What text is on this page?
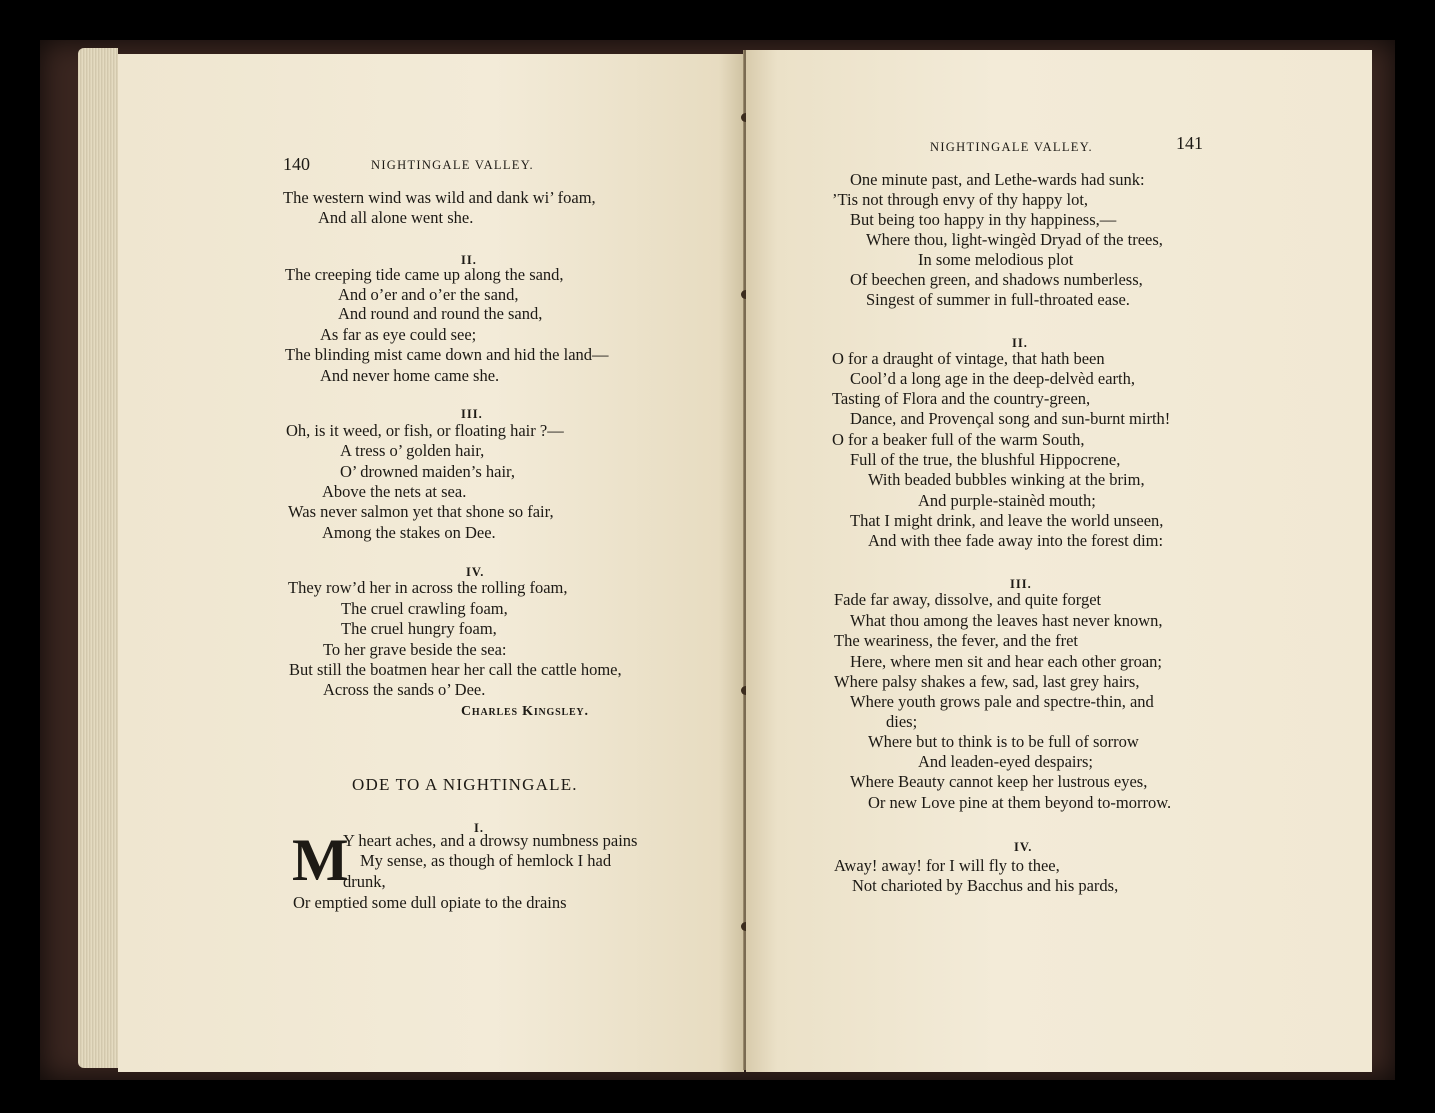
140	NIGHTINGALE VALLEY.
The western wind was wild and dank wi’ foam,
And all alone went she.
II.
The creeping tide came up along the sand,
And o’er and o’er the sand,
And round and round the sand,
As far as eye could see;
The blinding mist came down and hid the land—
And never home came she.
III.
Oh, is it weed, or fish, or floating hair ?—
A tress o’ golden hair,
O’ drowned maiden’s hair,
Above the nets at sea.
Was never salmon yet that shone so fair,
Among the stakes on Dee.
IV.
They row’d her in across the rolling foam,
The cruel crawling foam,
The cruel hungry foam,
To her grave beside the sea:
But still the boatmen hear her call the cattle home,
Across the sands o’ Dee.
Charles Kingsley.
ODE TO A NIGHTINGALE.
I.
M
Y heart aches, and a drowsy numbness pains
My sense, as though of hemlock I had
drunk,
Or emptied some dull opiate to the drains
NIGHTINGALE VALLEY.	141
One minute past, and Lethe-wards had sunk:
’Tis not through envy of thy happy lot,
But being too happy in thy happiness,—
Where thou, light-wingèd Dryad of the trees,
In some melodious plot
Of beechen green, and shadows numberless,
Singest of summer in full-throated ease.
II.
O for a draught of vintage, that hath been
Cool’d a long age in the deep-delvèd earth,
Tasting of Flora and the country-green,
Dance, and Provençal song and sun-burnt mirth!
O for a beaker full of the warm South,
Full of the true, the blushful Hippocrene,
With beaded bubbles winking at the brim,
And purple-stainèd mouth;
That I might drink, and leave the world unseen,
And with thee fade away into the forest dim:
III.
Fade far away, dissolve, and quite forget
What thou among the leaves hast never known,
The weariness, the fever, and the fret
Here, where men sit and hear each other groan;
Where palsy shakes a few, sad, last grey hairs,
Where youth grows pale and spectre-thin, and
dies;
Where but to think is to be full of sorrow
And leaden-eyed despairs;
Where Beauty cannot keep her lustrous eyes,
Or new Love pine at them beyond to-morrow.
IV.
Away! away! for I will fly to thee,
Not charioted by Bacchus and his pards,
